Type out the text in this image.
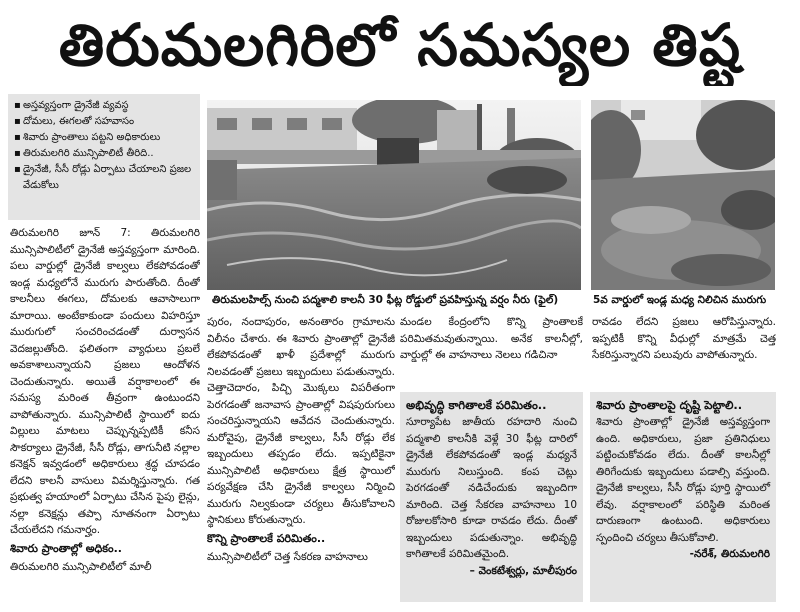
తిరుమలగిరిలో సమస్యల తిష్ట
▪ అస్తవ్యస్తంగా డ్రైనేజీ వ్యవస్థ
▪ దోమలు, ఈగలతో సహవాసం
▪ శివారు ప్రాంతాలు పట్టని అధికారులు
▪ తిరుమలగిరి మున్సిపాలిటీ తీరిది..
▪ డ్రైనేజీ, సీసీ రోడ్లు ఏర్పాటు చేయాలని ప్రజల వేడుకోలు
తిరుమలహిల్స్ నుంచి పద్మశాలి కాలనీ 30 ఫీట్ల రోడ్డులో ప్రవహిస్తున్న వర్షం నీరు (ఫైల్)	5వ వార్డులో ఇండ్ల మధ్య నిలిచిన మురుగు

తిరుమలగిరి జూన్ 7: తిరుమలగిరి మున్సిపాలిటీలో డ్రైనేజీ అస్తవ్యస్తంగా మారింది. పలు వార్డుల్లో డ్రైనేజీ కాల్వలు లేకపోవడంతో ఇండ్ల మధ్యలోనే మురుగు పారుతోంది. దీంతో కాలనీలు ఈగలు, దోమలకు ఆవాసాలుగా మారాయి. అంటేకాకుండా పందులు విహరిస్తూ మురుగులో సంచరించడంతో దుర్వాసన వెదజల్లుతోంది. ఫలితంగా వ్యాధులు ప్రబలే అవకాశాలున్నాయని ప్రజలు ఆందోళన చెందుతున్నారు. అయితే వర్షాకాలంలో ఈ సమస్య మరింత తీవ్రంగా ఉంటుందని వాపోతున్నారు. మున్సిపాలిటీ స్థాయిలో ఐదు విల్లులు మాటలు చెప్పున్నప్పటికీ కనీస సౌకర్యాలు డ్రైనేజీ, సీసీ రోడ్లు, తాగునీటి నల్లాల కనెక్షన్ ఇవ్వడంలో అధికారులు శ్రద్ధ చూపడం లేదని కాలనీ వాసులు విమర్శిస్తున్నారు. గత ప్రభుత్వ హయాంలో ఏర్పాటు చేసిన పైపు లైన్లు, నల్లా కనెక్షన్లు తప్పా నూతనంగా ఏర్పాటు చేయలేదని గమనార్హం.

శివారు ప్రాంతాల్లో అధికం..

తిరుమలగిరి మున్సిపాలిటీలో మాలీ

పురం, నందాపురం, అనంతారం గ్రామాలను విలీనం చేశారు. ఈ శివారు ప్రాంతాల్లో డ్రైనేజీ లేకపోవడంతో ఖాళీ ప్రదేశాల్లో మురుగు నిలవడంతో ప్రజలు ఇబ్బందులు పడుతున్నారు. చెత్తాచెదారం, పిచ్చి మొక్కలు విపరీతంగా పెరగడంతో జనావాస ప్రాంతాల్లో విషపురుగులు సంచరిస్తున్నాయని ఆవేదన చెందుతున్నారు. మరోవైపు, డ్రైనేజీ కాల్వలు, సీసీ రోడ్లు లేక ఇబ్బందులు తప్పడం లేదు. ఇప్పటికైనా మున్సిపాలిటీ అధికారులు క్షేత్ర స్థాయిలో పర్యవేక్షణ చేసి డ్రైనేజీ కాల్వలు నిర్మించి మురుగు నిల్వకుండా చర్యలు తీసుకోవాలని స్థానికులు కోరుతున్నారు.

కొన్ని ప్రాంతాలకే పరిమితం..

మున్సిపాలిటీలో చెత్త సేకరణ వాహనాలు

మండల కేంద్రంలోని కొన్ని ప్రాంతాలకే పరిమితమవుతున్నాయి. అనేక కాలనీల్లో, వార్డుల్లో ఈ వాహనాలు నెలలు గడిచినా

రావడం లేదని ప్రజలు ఆరోపిస్తున్నారు. ఇప్పటికీ కొన్ని వీధుల్లో మాత్రమే చెత్త సేకరిస్తున్నారని పలువురు వాపోతున్నారు.

అభివృద్ధి కాగితాలకే పరిమితం..

సూర్యాపేట జాతీయ రహదారి నుంచి పద్మశాలి కాలనీకి వెళ్లే 30 ఫీట్ల దారిలో డ్రైనేజీ లేకపోవడంతో ఇండ్ల మధ్యనే మురుగు నిలుస్తుంది. కంప చెట్లు పెరగడంతో నడిచేందుకు ఇబ్బందిగా మారింది. చెత్త సేకరణ వాహనాలు 10 రోజులకోసారి కూడా రావడం లేదు. దీంతో ఇబ్బందులు పడుతున్నాం. అభివృద్ధి కాగితాలకే పరిమితమైంది.

– వెంకటేశ్వర్లు, మాలీపురం
శివారు ప్రాంతాలపై దృష్టి పెట్టాలి..

శివారు ప్రాంతాల్లో డ్రైనేజీ అస్తవ్యస్తంగా ఉంది. అధికారులు, ప్రజా ప్రతినిధులు పట్టించుకోవడం లేదు. దీంతో కాలనీల్లో తిరిగేందుకు ఇబ్బందులు పడాల్సి వస్తుంది. డ్రైనేజీ కాల్వలు, సీసీ రోడ్లు పూర్తి స్థాయిలో లేవు. వర్షాకాలంలో పరిస్థితి మరింత దారుణంగా ఉంటుంది. అధికారులు స్పందించి చర్యలు తీసుకోవాలి.

-నరేశ్, తిరుమలగిరి
